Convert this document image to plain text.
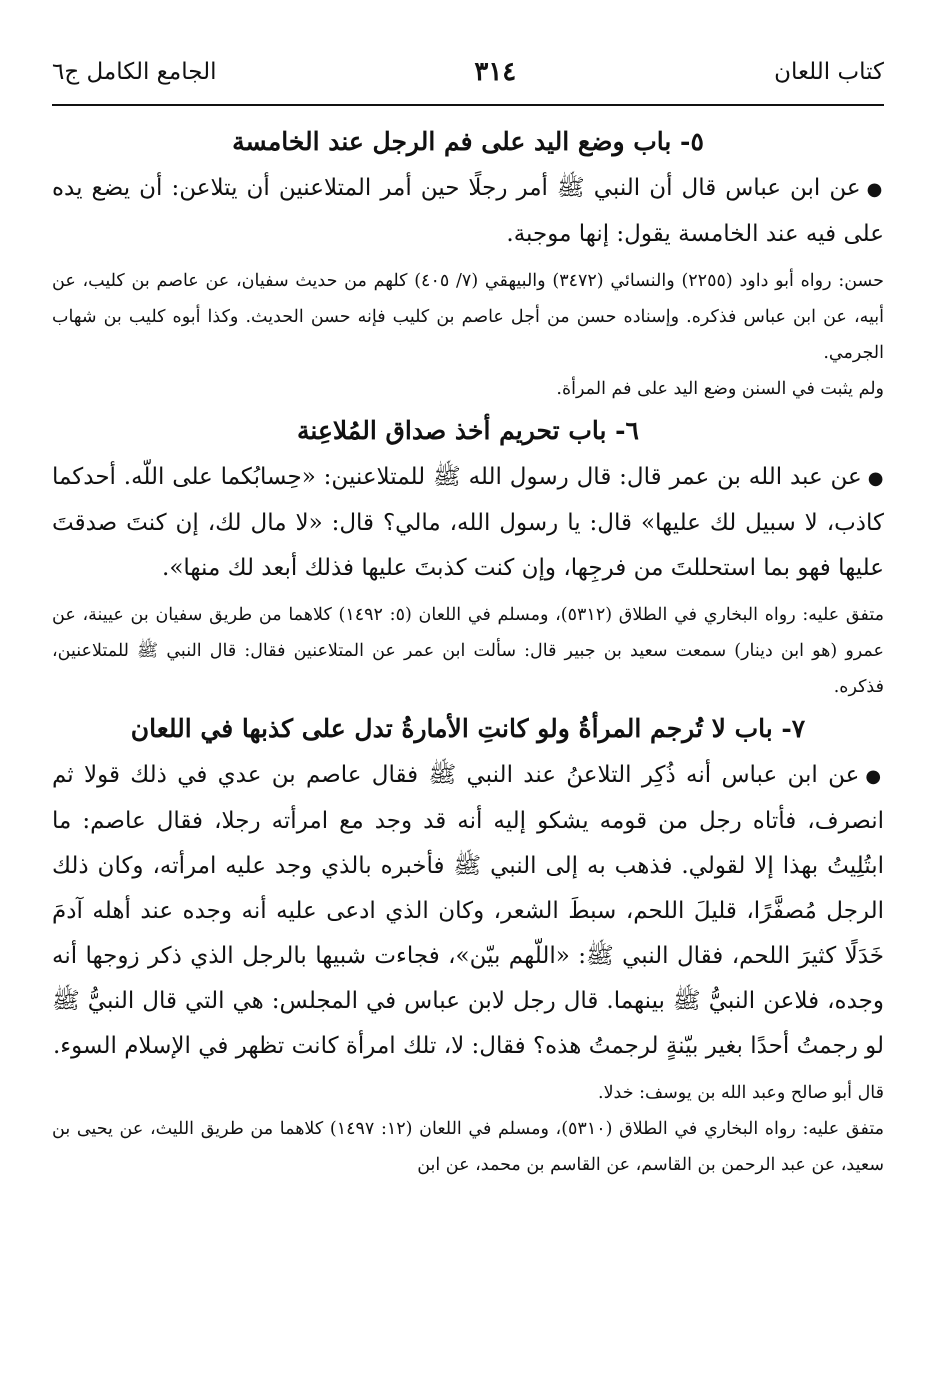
كتاب اللعان
٣١٤
الجامع الكامل ج٦
٥- باب وضع اليد على فم الرجل عند الخامسة

●عن ابن عباس قال أن النبي ﷺ أمر رجلًا حين أمر المتلاعنين أن يتلاعن: أن يضع يده على فيه عند الخامسة يقول: إنها موجبة.

حسن: رواه أبو داود (٢٢٥٥) والنسائي (٣٤٧٢) والبيهقي (٧/ ٤٠٥) كلهم من حديث سفيان، عن عاصم بن كليب، عن أبيه، عن ابن عباس فذكره. وإسناده حسن من أجل عاصم بن كليب فإنه حسن الحديث. وكذا أبوه كليب بن شهاب الجرمي.

ولم يثبت في السنن وضع اليد على فم المرأة.

٦- باب تحريم أخذ صداق المُلاعِنة

●عن عبد الله بن عمر قال: قال رسول الله ﷺ للمتلاعنين: «حِسابُكما على اللّه. أحدكما كاذب، لا سبيل لك عليها» قال: يا رسول الله، مالي؟ قال: «لا مال لك، إن كنتَ صدقتَ عليها فهو بما استحللتَ من فرجِها، وإن كنت كذبتَ عليها فذلك أبعد لك منها».

متفق عليه: رواه البخاري في الطلاق (٥٣١٢)، ومسلم في اللعان (٥: ١٤٩٢) كلاهما من طريق سفيان بن عيينة، عن عمرو (هو ابن دينار) سمعت سعيد بن جبير قال: سألت ابن عمر عن المتلاعنين فقال: قال النبي ﷺ للمتلاعنين، فذكره.

٧- باب لا تُرجم المرأةُ ولو كانتِ الأمارةُ تدل على كذبها في اللعان

●عن ابن عباس أنه ذُكِر التلاعنُ عند النبي ﷺ فقال عاصم بن عدي في ذلك قولا ثم انصرف، فأتاه رجل من قومه يشكو إليه أنه قد وجد مع امرأته رجلا، فقال عاصم: ما ابتُلِيتُ بهذا إلا لقولي. فذهب به إلى النبي ﷺ فأخبره بالذي وجد عليه امرأته، وكان ذلك الرجل مُصفَّرًا، قليلَ اللحم، سبطَ الشعر، وكان الذي ادعى عليه أنه وجده عند أهله آدمَ خَدَلًا كثيرَ اللحم، فقال النبي ﷺ: «اللّهم بيّن»، فجاءت شبيها بالرجل الذي ذكر زوجها أنه وجده، فلاعن النبيُّ ﷺ بينهما. قال رجل لابن عباس في المجلس: هي التي قال النبيُّ ﷺ لو رجمتُ أحدًا بغير بيّنةٍ لرجمتُ هذه؟ فقال: لا، تلك امرأة كانت تظهر في الإسلام السوء.

قال أبو صالح وعبد الله بن يوسف: خدلا.

متفق عليه: رواه البخاري في الطلاق (٥٣١٠)، ومسلم في اللعان (١٢: ١٤٩٧) كلاهما من طريق الليث، عن يحيى بن سعيد، عن عبد الرحمن بن القاسم، عن القاسم بن محمد، عن ابن
